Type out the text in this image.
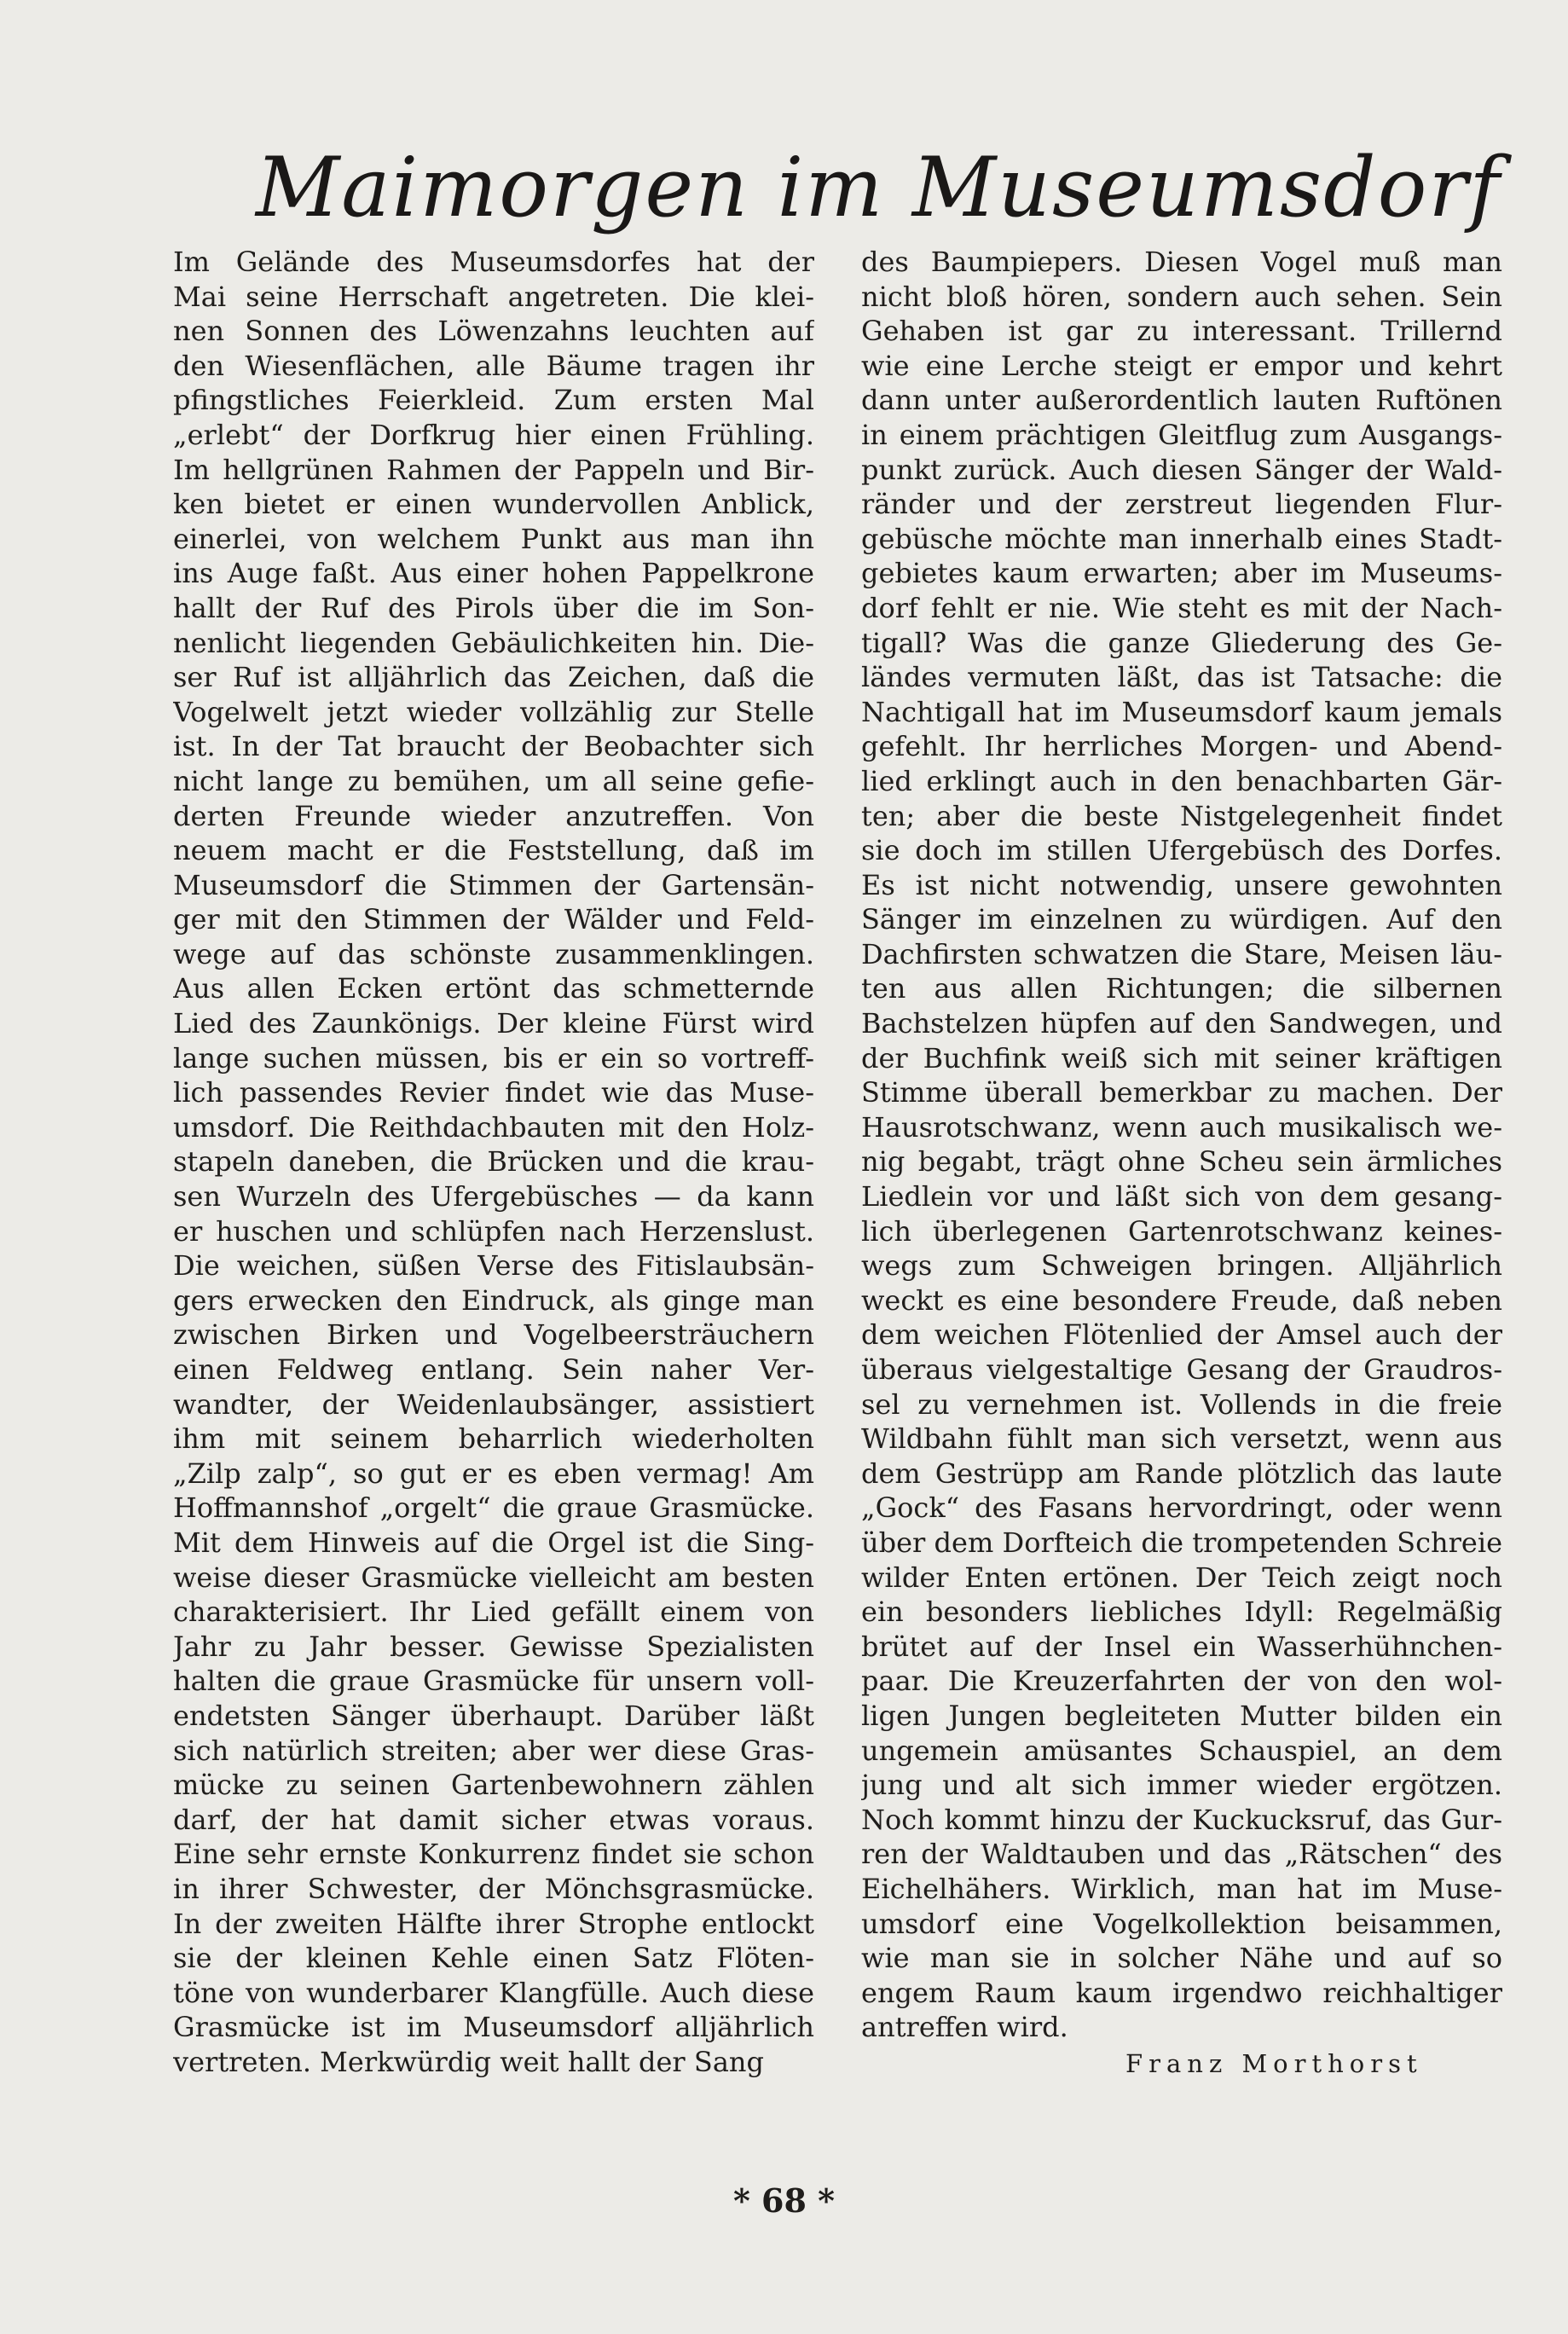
Maimorgen im Museumsdorf
Im Gelände des Museumsdorfes hat der
Mai seine Herrschaft angetreten. Die klei-
nen Sonnen des Löwenzahns leuchten auf
den Wiesenflächen, alle Bäume tragen ihr
pfingstliches Feierkleid. Zum ersten Mal
„erlebt“ der Dorfkrug hier einen Frühling.
Im hellgrünen Rahmen der Pappeln und Bir-
ken bietet er einen wundervollen Anblick,
einerlei, von welchem Punkt aus man ihn
ins Auge faßt. Aus einer hohen Pappelkrone
hallt der Ruf des Pirols über die im Son-
nenlicht liegenden Gebäulichkeiten hin. Die-
ser Ruf ist alljährlich das Zeichen, daß die
Vogelwelt jetzt wieder vollzählig zur Stelle
ist. In der Tat braucht der Beobachter sich
nicht lange zu bemühen, um all seine gefie-
derten Freunde wieder anzutreffen. Von
neuem macht er die Feststellung, daß im
Museumsdorf die Stimmen der Gartensän-
ger mit den Stimmen der Wälder und Feld-
wege auf das schönste zusammenklingen.
Aus allen Ecken ertönt das schmetternde
Lied des Zaunkönigs. Der kleine Fürst wird
lange suchen müssen, bis er ein so vortreff-
lich passendes Revier findet wie das Muse-
umsdorf. Die Reithdachbauten mit den Holz-
stapeln daneben, die Brücken und die krau-
sen Wurzeln des Ufergebüsches — da kann
er huschen und schlüpfen nach Herzenslust.
Die weichen, süßen Verse des Fitislaubsän-
gers erwecken den Eindruck, als ginge man
zwischen Birken und Vogelbeersträuchern
einen Feldweg entlang. Sein naher Ver-
wandter, der Weidenlaubsänger, assistiert
ihm mit seinem beharrlich wiederholten
„Zilp zalp“, so gut er es eben vermag! Am
Hoffmannshof „orgelt“ die graue Grasmücke.
Mit dem Hinweis auf die Orgel ist die Sing-
weise dieser Grasmücke vielleicht am besten
charakterisiert. Ihr Lied gefällt einem von
Jahr zu Jahr besser. Gewisse Spezialisten
halten die graue Grasmücke für unsern voll-
endetsten Sänger überhaupt. Darüber läßt
sich natürlich streiten; aber wer diese Gras-
mücke zu seinen Gartenbewohnern zählen
darf, der hat damit sicher etwas voraus.
Eine sehr ernste Konkurrenz findet sie schon
in ihrer Schwester, der Mönchsgrasmücke.
In der zweiten Hälfte ihrer Strophe entlockt
sie der kleinen Kehle einen Satz Flöten-
töne von wunderbarer Klangfülle. Auch diese
Grasmücke ist im Museumsdorf alljährlich
vertreten. Merkwürdig weit hallt der Sang
des Baumpiepers. Diesen Vogel muß man
nicht bloß hören, sondern auch sehen. Sein
Gehaben ist gar zu interessant. Trillernd
wie eine Lerche steigt er empor und kehrt
dann unter außerordentlich lauten Ruftönen
in einem prächtigen Gleitflug zum Ausgangs-
punkt zurück. Auch diesen Sänger der Wald-
ränder und der zerstreut liegenden Flur-
gebüsche möchte man innerhalb eines Stadt-
gebietes kaum erwarten; aber im Museums-
dorf fehlt er nie. Wie steht es mit der Nach-
tigall? Was die ganze Gliederung des Ge-
ländes vermuten läßt, das ist Tatsache: die
Nachtigall hat im Museumsdorf kaum jemals
gefehlt. Ihr herrliches Morgen- und Abend-
lied erklingt auch in den benachbarten Gär-
ten; aber die beste Nistgelegenheit findet
sie doch im stillen Ufergebüsch des Dorfes.
Es ist nicht notwendig, unsere gewohnten
Sänger im einzelnen zu würdigen. Auf den
Dachfirsten schwatzen die Stare, Meisen läu-
ten aus allen Richtungen; die silbernen
Bachstelzen hüpfen auf den Sandwegen, und
der Buchfink weiß sich mit seiner kräftigen
Stimme überall bemerkbar zu machen. Der
Hausrotschwanz, wenn auch musikalisch we-
nig begabt, trägt ohne Scheu sein ärmliches
Liedlein vor und läßt sich von dem gesang-
lich überlegenen Gartenrotschwanz keines-
wegs zum Schweigen bringen. Alljährlich
weckt es eine besondere Freude, daß neben
dem weichen Flötenlied der Amsel auch der
überaus vielgestaltige Gesang der Graudros-
sel zu vernehmen ist. Vollends in die freie
Wildbahn fühlt man sich versetzt, wenn aus
dem Gestrüpp am Rande plötzlich das laute
„Gock“ des Fasans hervordringt, oder wenn
über dem Dorfteich die trompetenden Schreie
wilder Enten ertönen. Der Teich zeigt noch
ein besonders liebliches Idyll: Regelmäßig
brütet auf der Insel ein Wasserhühnchen-
paar. Die Kreuzerfahrten der von den wol-
ligen Jungen begleiteten Mutter bilden ein
ungemein amüsantes Schauspiel, an dem
jung und alt sich immer wieder ergötzen.
Noch kommt hinzu der Kuckucksruf, das Gur-
ren der Waldtauben und das „Rätschen“ des
Eichelhähers. Wirklich, man hat im Muse-
umsdorf eine Vogelkollektion beisammen,
wie man sie in solcher Nähe und auf so
engem Raum kaum irgendwo reichhaltiger
antreffen wird.
Franz Morthorst
* 68 *
